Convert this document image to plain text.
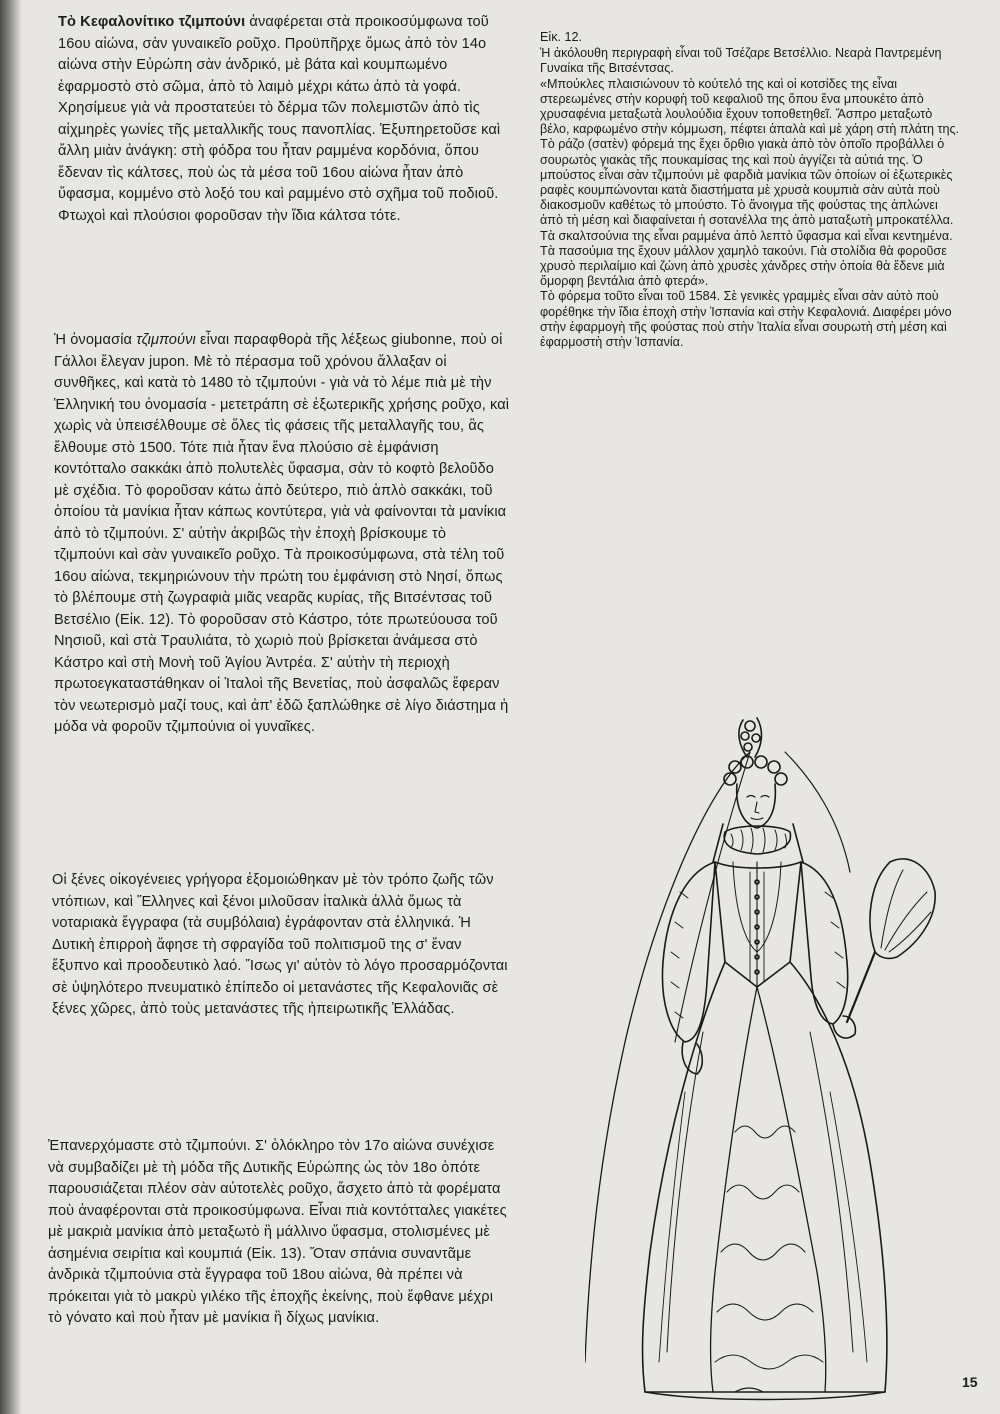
Τὸ Κεφαλονίτικο τζιμπούνι ἀναφέρεται στὰ προικοσύμφωνα τοῦ 16ου αἰώνα, σὰν γυναικεῖο ροῦχο. Προϋπῆρχε ὅμως ἀπὸ τὸν 14ο αἰώνα στὴν Εὐρώπη σὰν ἀνδρικό, μὲ βάτα καὶ κουμπωμένο ἐφαρμοστὸ στὸ σῶμα, ἀπὸ τὸ λαιμὸ μέχρι κάτω ἀπὸ τὰ γοφά. Χρησίμευε γιὰ νὰ προστατεύει τὸ δέρμα τῶν πολεμιστῶν ἀπὸ τὶς αἰχμηρὲς γωνίες τῆς μεταλλικῆς τους πανοπλίας. Ἐξυπηρετοῦσε καὶ ἄλλη μιὰν ἀνάγκη: στὴ φόδρα του ἦταν ραμμένα κορδόνια, ὅπου ἔδεναν τὶς κάλτσες, ποὺ ὡς τὰ μέσα τοῦ 16ου αἰώνα ἦταν ἀπὸ ὕφασμα, κομμένο στὸ λοξό του καὶ ραμμένο στὸ σχῆμα τοῦ ποδιοῦ. Φτωχοὶ καὶ πλούσιοι φοροῦσαν τὴν ἴδια κάλτσα τότε.

Ἡ ὀνομασία τζιμπούνι εἶναι παραφθορὰ τῆς λέξεως giubonne, ποὺ οἱ Γάλλοι ἔλεγαν jupon. Μὲ τὸ πέρασμα τοῦ χρόνου ἄλλαξαν οἱ συνθῆκες, καὶ κατὰ τὸ 1480 τὸ τζιμπούνι - γιὰ νὰ τὸ λέμε πιὰ μὲ τὴν Ἑλληνική του ὀνομασία - μετετράπη σὲ ἐξωτερικῆς χρήσης ροῦχο, καὶ χωρὶς νὰ ὑπεισέλθουμε σὲ ὅλες τὶς φάσεις τῆς μεταλλαγῆς του, ἂς ἔλθουμε στὸ 1500. Τότε πιὰ ἦταν ἕνα πλούσιο σὲ ἐμφάνιση κοντότταλο σακκάκι ἀπὸ πολυτελὲς ὕφασμα, σὰν τὸ κοφτὸ βελοῦδο μὲ σχέδια. Τὸ φοροῦσαν κάτω ἀπὸ δεύτερο, πιὸ ἁπλὸ σακκάκι, τοῦ ὁποίου τὰ μανίκια ἦταν κάπως κοντύτερα, γιὰ νὰ φαίνονται τὰ μανίκια ἀπὸ τὸ τζιμπούνι. Σ' αὐτὴν ἀκριβῶς τὴν ἐποχὴ βρίσκουμε τὸ τζιμπούνι καὶ σὰν γυναικεῖο ροῦχο. Τὰ προικοσύμφωνα, στὰ τέλη τοῦ 16ου αἰώνα, τεκμηριώνουν τὴν πρώτη του ἐμφάνιση στὸ Νησί, ὅπως τὸ βλέπουμε στὴ ζωγραφιὰ μιᾶς νεαρᾶς κυρίας, τῆς Βιτσέντσας τοῦ Βετσέλιο (Εἰκ. 12). Τὸ φοροῦσαν στὸ Κάστρο, τότε πρωτεύουσα τοῦ Νησιοῦ, καὶ στὰ Τραυλιάτα, τὸ χωριὸ ποὺ βρίσκεται ἀνάμεσα στὸ Κάστρο καὶ στὴ Μονὴ τοῦ Ἁγίου Ἀντρέα. Σ' αὐτὴν τὴ περιοχὴ πρωτοεγκαταστάθηκαν οἱ Ἰταλοὶ τῆς Βενετίας, ποὺ ἀσφαλῶς ἔφεραν τὸν νεωτερισμὸ μαζί τους, καὶ ἀπ' ἐδῶ ξαπλώθηκε σὲ λίγο διάστημα ἡ μόδα νὰ φοροῦν τζιμπούνια οἱ γυναῖκες.

Οἱ ξένες οἰκογένειες γρήγορα ἐξομοιώθηκαν μὲ τὸν τρόπο ζωῆς τῶν ντόπιων, καὶ Ἕλληνες καὶ ξένοι μιλοῦσαν ἰταλικὰ ἀλλὰ ὅμως τὰ νοταριακὰ ἔγγραφα (τὰ συμβόλαια) ἐγράφονταν στὰ ἑλληνικά. Ἡ Δυτικὴ ἐπιρροὴ ἄφησε τὴ σφραγίδα τοῦ πολιτισμοῦ της σ' ἕναν ἔξυπνο καὶ προοδευτικὸ λαό. Ἴσως γι' αὐτὸν τὸ λόγο προσαρμόζονται σὲ ὑψηλότερο πνευματικὸ ἐπίπεδο οἱ μετανάστες τῆς Κεφαλονιᾶς σὲ ξένες χῶρες, ἀπὸ τοὺς μετανάστες τῆς ἠπειρωτικῆς Ἑλλάδας.

Ἐπανερχόμαστε στὸ τζιμπούνι. Σ' ὁλόκληρο τὸν 17ο αἰώνα συνέχισε νὰ συμβαδίζει μὲ τὴ μόδα τῆς Δυτικῆς Εὐρώπης ὡς τὸν 18ο ὁπότε παρουσιάζεται πλέον σὰν αὐτοτελὲς ροῦχο, ἄσχετο ἀπὸ τὰ φορέματα ποὺ ἀναφέρονται στὰ προικοσύμφωνα. Εἶναι πιὰ κοντότταλες γιακέτες μὲ μακριὰ μανίκια ἀπὸ μεταξωτὸ ἢ μάλλινο ὕφασμα, στολισμένες μὲ ἀσημένια σειρίτια καὶ κουμπιά (Εἰκ. 13). Ὅταν σπάνια συναντᾶμε ἀνδρικὰ τζιμπούνια στὰ ἔγγραφα τοῦ 18ου αἰώνα, θὰ πρέπει νὰ πρόκειται γιὰ τὸ μακρὺ γιλέκο τῆς ἐποχῆς ἐκείνης, ποὺ ἔφθανε μέχρι τὸ γόνατο καὶ ποὺ ἦταν μὲ μανίκια ἢ δίχως μανίκια.

Εἰκ. 12.

Ἡ ἀκόλουθη περιγραφὴ εἶναι τοῦ Τσέζαρε Βετσέλλιο. Νεαρὰ Παντρεμένη Γυναίκα τῆς Βιτσέντσας.

«Μπούκλες πλαισιώνουν τὸ κούτελό της καὶ οἱ κοτσίδες της εἶναι στερεωμένες στὴν κορυφὴ τοῦ κεφαλιοῦ της ὅπου ἕνα μπουκέτο ἀπὸ χρυσαφένια μεταξωτὰ λουλούδια ἔχουν τοποθετηθεῖ. Ἄσπρο μεταξωτὸ βέλο, καρφωμένο στὴν κόμμωση, πέφτει ἁπαλὰ καὶ μὲ χάρη στὴ πλάτη της. Τὸ ράζο (σατὲν) φόρεμά της ἔχει ὄρθιο γιακὰ ἀπὸ τὸν ὁποῖο προβάλλει ὁ σουρωτὸς γιακὰς τῆς πουκαμίσας της καὶ ποὺ ἀγγίζει τὰ αὐτιά της. Ὁ μπούστος εἶναι σὰν τζιμπούνι μὲ φαρδιὰ μανίκια τῶν ὁποίων οἱ ἐξωτερικὲς ραφὲς κουμπώνονται κατὰ διαστήματα μὲ χρυσὰ κουμπιὰ σὰν αὐτὰ ποὺ διακοσμοῦν καθέτως τὸ μπούστο. Τὸ ἄνοιγμα τῆς φούστας της ἁπλώνει ἀπὸ τὴ μέση καὶ διαφαίνεται ἡ σοτανέλλα της ἀπὸ ματαξωτὴ μπροκατέλλα. Τὰ σκαλτσούνια της εἶναι ραμμένα ἀπὸ λεπτὸ ὕφασμα καὶ εἶναι κεντημένα. Τὰ πασούμια της ἔχουν μάλλον χαμηλὸ τακούνι. Γιὰ στολίδια θὰ φοροῦσε χρυσὸ περιλαίμιο καὶ ζώνη ἀπὸ χρυσὲς χάνδρες στὴν ὁποία θὰ ἔδενε μιὰ ὄμορφη βεντάλια ἀπὸ φτερά».

Τὸ φόρεμα τοῦτο εἶναι τοῦ 1584. Σὲ γενικὲς γραμμὲς εἶναι σὰν αὐτὸ ποὺ φορέθηκε τὴν ἴδια ἐποχὴ στὴν Ἱσπανία καὶ στὴν Κεφαλονιά. Διαφέρει μόνο στὴν ἐφαρμογὴ τῆς φούστας ποὺ στὴν Ἰταλία εἶναι σουρωτὴ στὴ μέση καὶ ἐφαρμοστὴ στὴν Ἱσπανία.

15
